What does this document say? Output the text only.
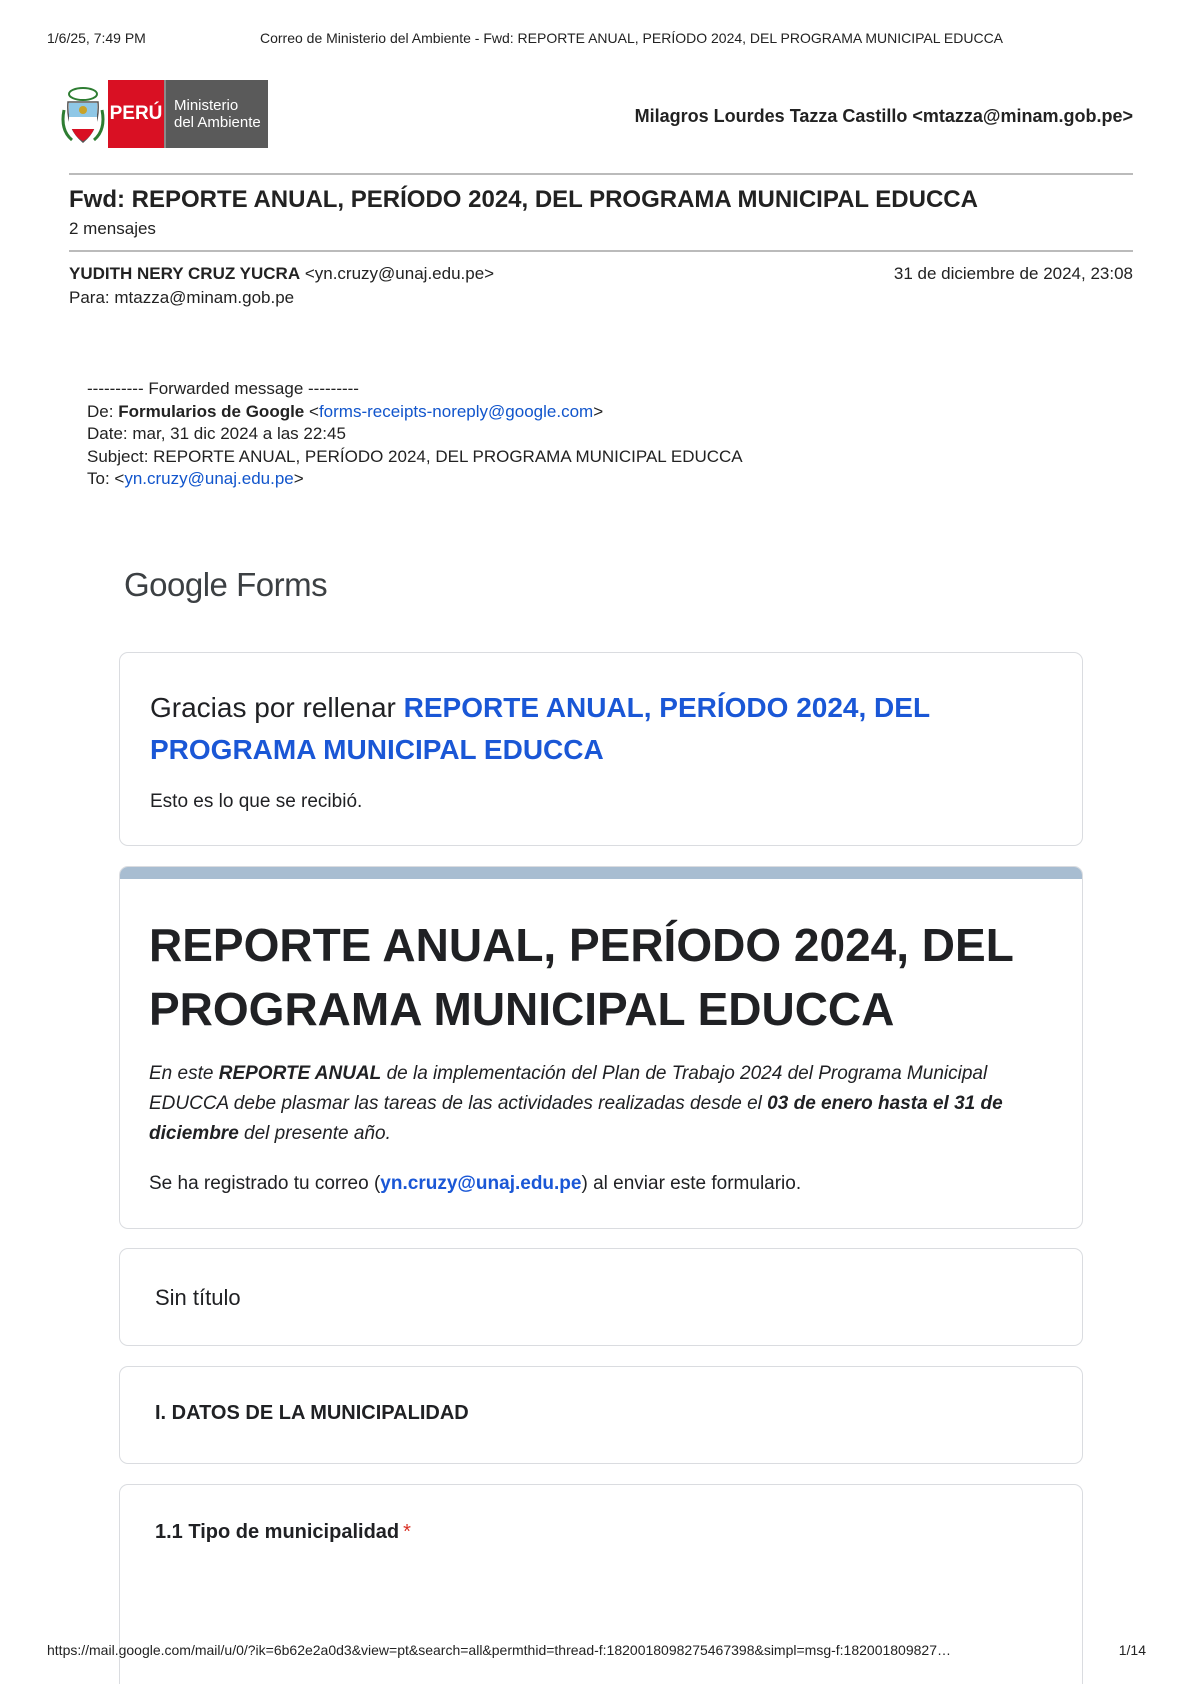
1/6/25, 7:49 PM	Correo de Ministerio del Ambiente - Fwd: REPORTE ANUAL, PERÍODO 2024, DEL PROGRAMA MUNICIPAL EDUCCA
PERÚ Ministerio
del Ambiente	Milagros Lourdes Tazza Castillo <mtazza@minam.gob.pe>
Fwd: REPORTE ANUAL, PERÍODO 2024, DEL PROGRAMA MUNICIPAL EDUCCA
2 mensajes
YUDITH NERY CRUZ YUCRA <yn.cruzy@unaj.edu.pe>
Para: mtazza@minam.gob.pe
31 de diciembre de 2024, 23:08
---------- Forwarded message ---------
De: Formularios de Google <forms-receipts-noreply@google.com>
Date: mar, 31 dic 2024 a las 22:45
Subject: REPORTE ANUAL, PERÍODO 2024, DEL PROGRAMA MUNICIPAL EDUCCA
To: <yn.cruzy@unaj.edu.pe>
Google Forms
Gracias por rellenar REPORTE ANUAL, PERÍODO 2024, DEL PROGRAMA MUNICIPAL EDUCCA
Esto es lo que se recibió.
REPORTE ANUAL, PERÍODO 2024, DEL PROGRAMA MUNICIPAL EDUCCA
En este REPORTE ANUAL de la implementación del Plan de Trabajo 2024 del Programa Municipal EDUCCA debe plasmar las tareas de las actividades realizadas desde el 03 de enero hasta el 31 de diciembre del presente año.
Se ha registrado tu correo (yn.cruzy@unaj.edu.pe) al enviar este formulario.
Sin título
I. DATOS DE LA MUNICIPALIDAD
1.1 Tipo de municipalidad *
https://mail.google.com/mail/u/0/?ik=6b62e2a0d3&view=pt&search=all&permthid=thread-f:1820018098275467398&simpl=msg-f:182001809827…	1/14
